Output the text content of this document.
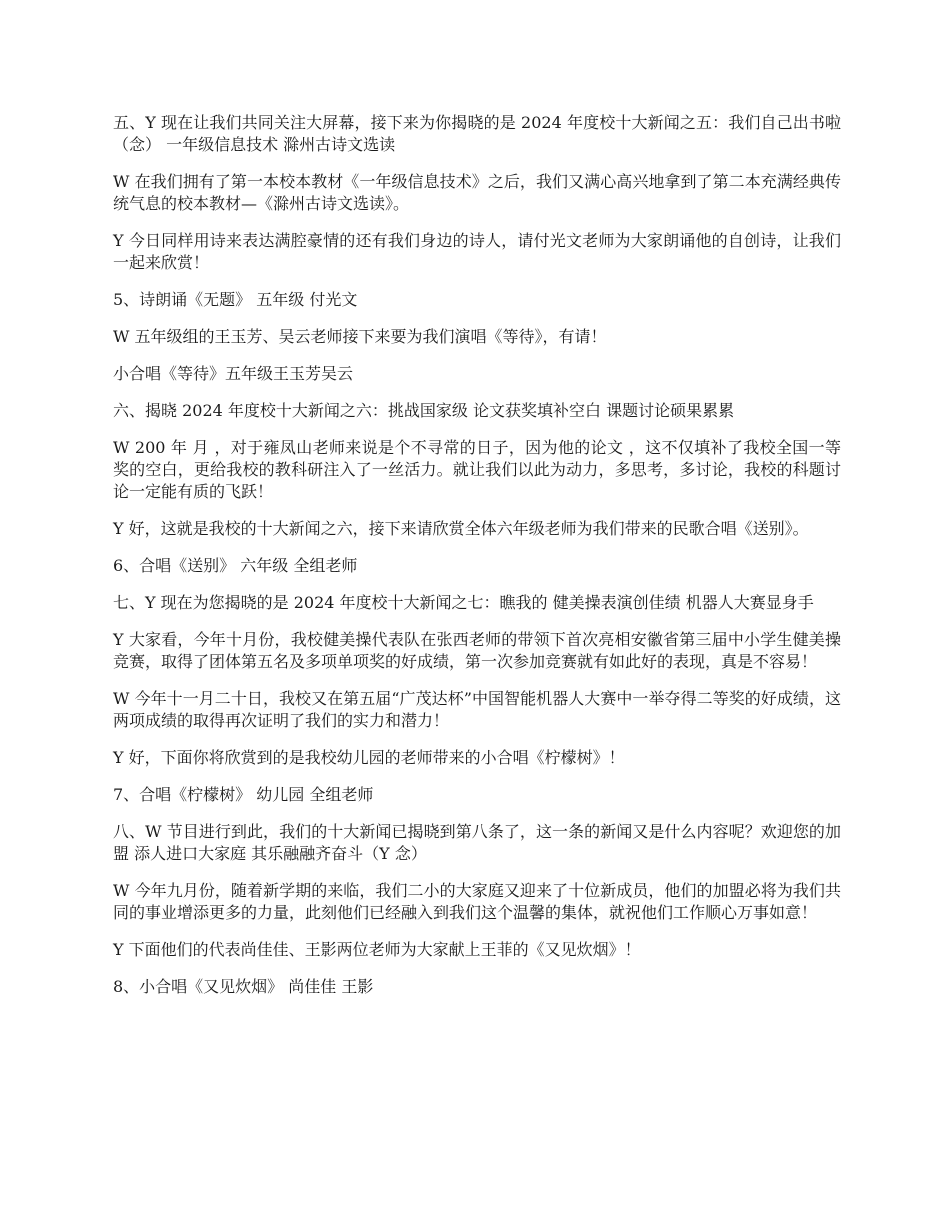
五、Y 现在让我们共同关注大屏幕，接下来为你揭晓的是 2024 年度校十大新闻之五：我们自己出书啦 （念） 一年级信息技术 滁州古诗文选读

W 在我们拥有了第一本校本教材《一年级信息技术》之后，我们又满心高兴地拿到了第二本充满经典传统气息的校本教材—《滁州古诗文选读》。

Y 今日同样用诗来表达满腔豪情的还有我们身边的诗人，请付光文老师为大家朗诵他的自创诗，让我们一起来欣赏！

5、诗朗诵《无题》 五年级 付光文

W 五年级组的王玉芳、吴云老师接下来要为我们演唱《等待》，有请！

小合唱《等待》五年级王玉芳吴云

六、揭晓 2024 年度校十大新闻之六：挑战国家级 论文获奖填补空白 课题讨论硕果累累

W 200 年 月 ，对于雍凤山老师来说是个不寻常的日子，因为他的论文 ，这不仅填补了我校全国一等奖的空白，更给我校的教科研注入了一丝活力。就让我们以此为动力，多思考，多讨论，我校的科题讨论一定能有质的飞跃！

Y 好，这就是我校的十大新闻之六，接下来请欣赏全体六年级老师为我们带来的民歌合唱《送别》。

6、合唱《送别》 六年级 全组老师

七、Y 现在为您揭晓的是 2024 年度校十大新闻之七：瞧我的 健美操表演创佳绩 机器人大赛显身手

Y 大家看，今年十月份，我校健美操代表队在张西老师的带领下首次亮相安徽省第三届中小学生健美操竞赛，取得了团体第五名及多项单项奖的好成绩，第一次参加竞赛就有如此好的表现，真是不容易！

W 今年十一月二十日，我校又在第五届“广茂达杯”中国智能机器人大赛中一举夺得二等奖的好成绩，这两项成绩的取得再次证明了我们的实力和潜力！

Y 好，下面你将欣赏到的是我校幼儿园的老师带来的小合唱《柠檬树》！

7、合唱《柠檬树》 幼儿园 全组老师

八、W 节目进行到此，我们的十大新闻已揭晓到第八条了，这一条的新闻又是什么内容呢？欢迎您的加盟 添人进口大家庭 其乐融融齐奋斗（Y 念）

W 今年九月份，随着新学期的来临，我们二小的大家庭又迎来了十位新成员，他们的加盟必将为我们共同的事业增添更多的力量，此刻他们已经融入到我们这个温馨的集体，就祝他们工作顺心万事如意！

Y 下面他们的代表尚佳佳、王影两位老师为大家献上王菲的《又见炊烟》！

8、小合唱《又见炊烟》 尚佳佳 王影
